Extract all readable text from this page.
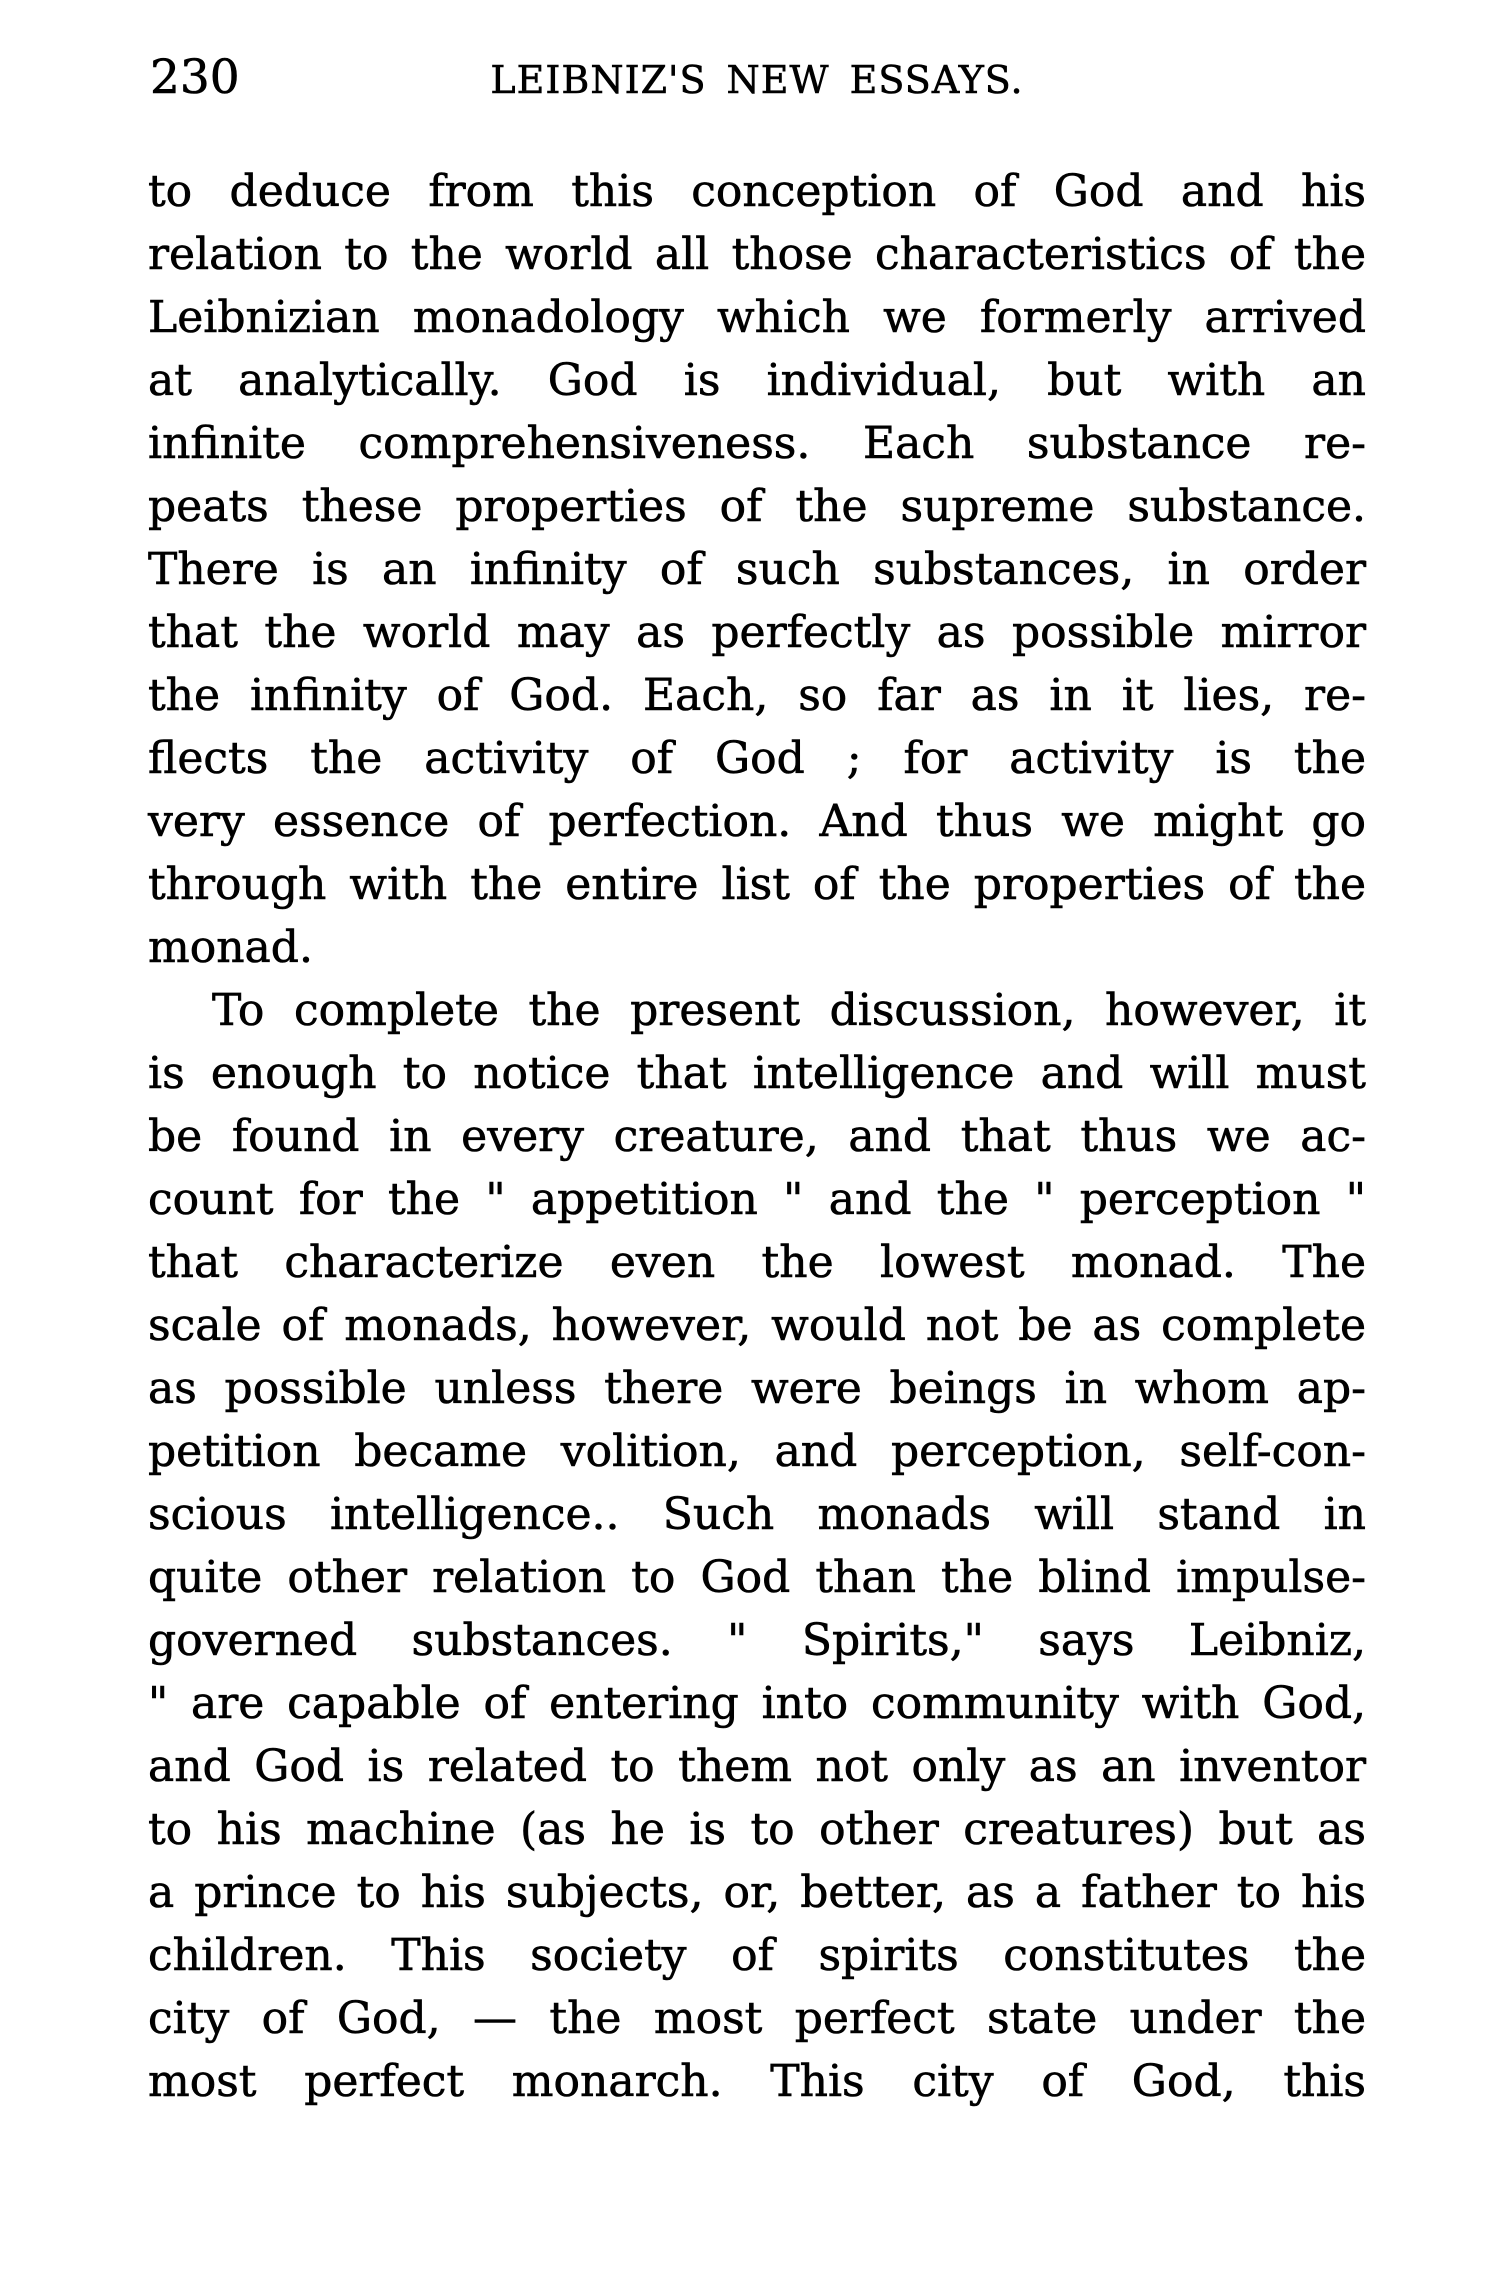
230	LEIBNIZ'S NEW ESSAYS.
to deduce from this conception of God and his
relation to the world all those characteristics of the
Leibnizian monadology which we formerly arrived
at analytically. God is individual, but with an
infinite comprehensiveness. Each substance re-
peats these properties of the supreme substance.
There is an infinity of such substances, in order
that the world may as perfectly as possible mirror
the infinity of God. Each, so far as in it lies, re-
flects the activity of God ; for activity is the
very essence of perfection. And thus we might go
through with the entire list of the properties of the
monad.
To complete the present discussion, however, it
is enough to notice that intelligence and will must
be found in every creature, and that thus we ac-
count for the " appetition " and the " perception "
that characterize even the lowest monad. The
scale of monads, however, would not be as complete
as possible unless there were beings in whom ap-
petition became volition, and perception, self-con-
scious intelligence.. Such monads will stand in
quite other relation to God than the blind impulse-
governed substances. " Spirits," says Leibniz,
" are capable of entering into community with God,
and God is related to them not only as an inventor
to his machine (as he is to other creatures) but as
a prince to his subjects, or, better, as a father to his
children. This society of spirits constitutes the
city of God, — the most perfect state under the
most perfect monarch. This city of God, this
